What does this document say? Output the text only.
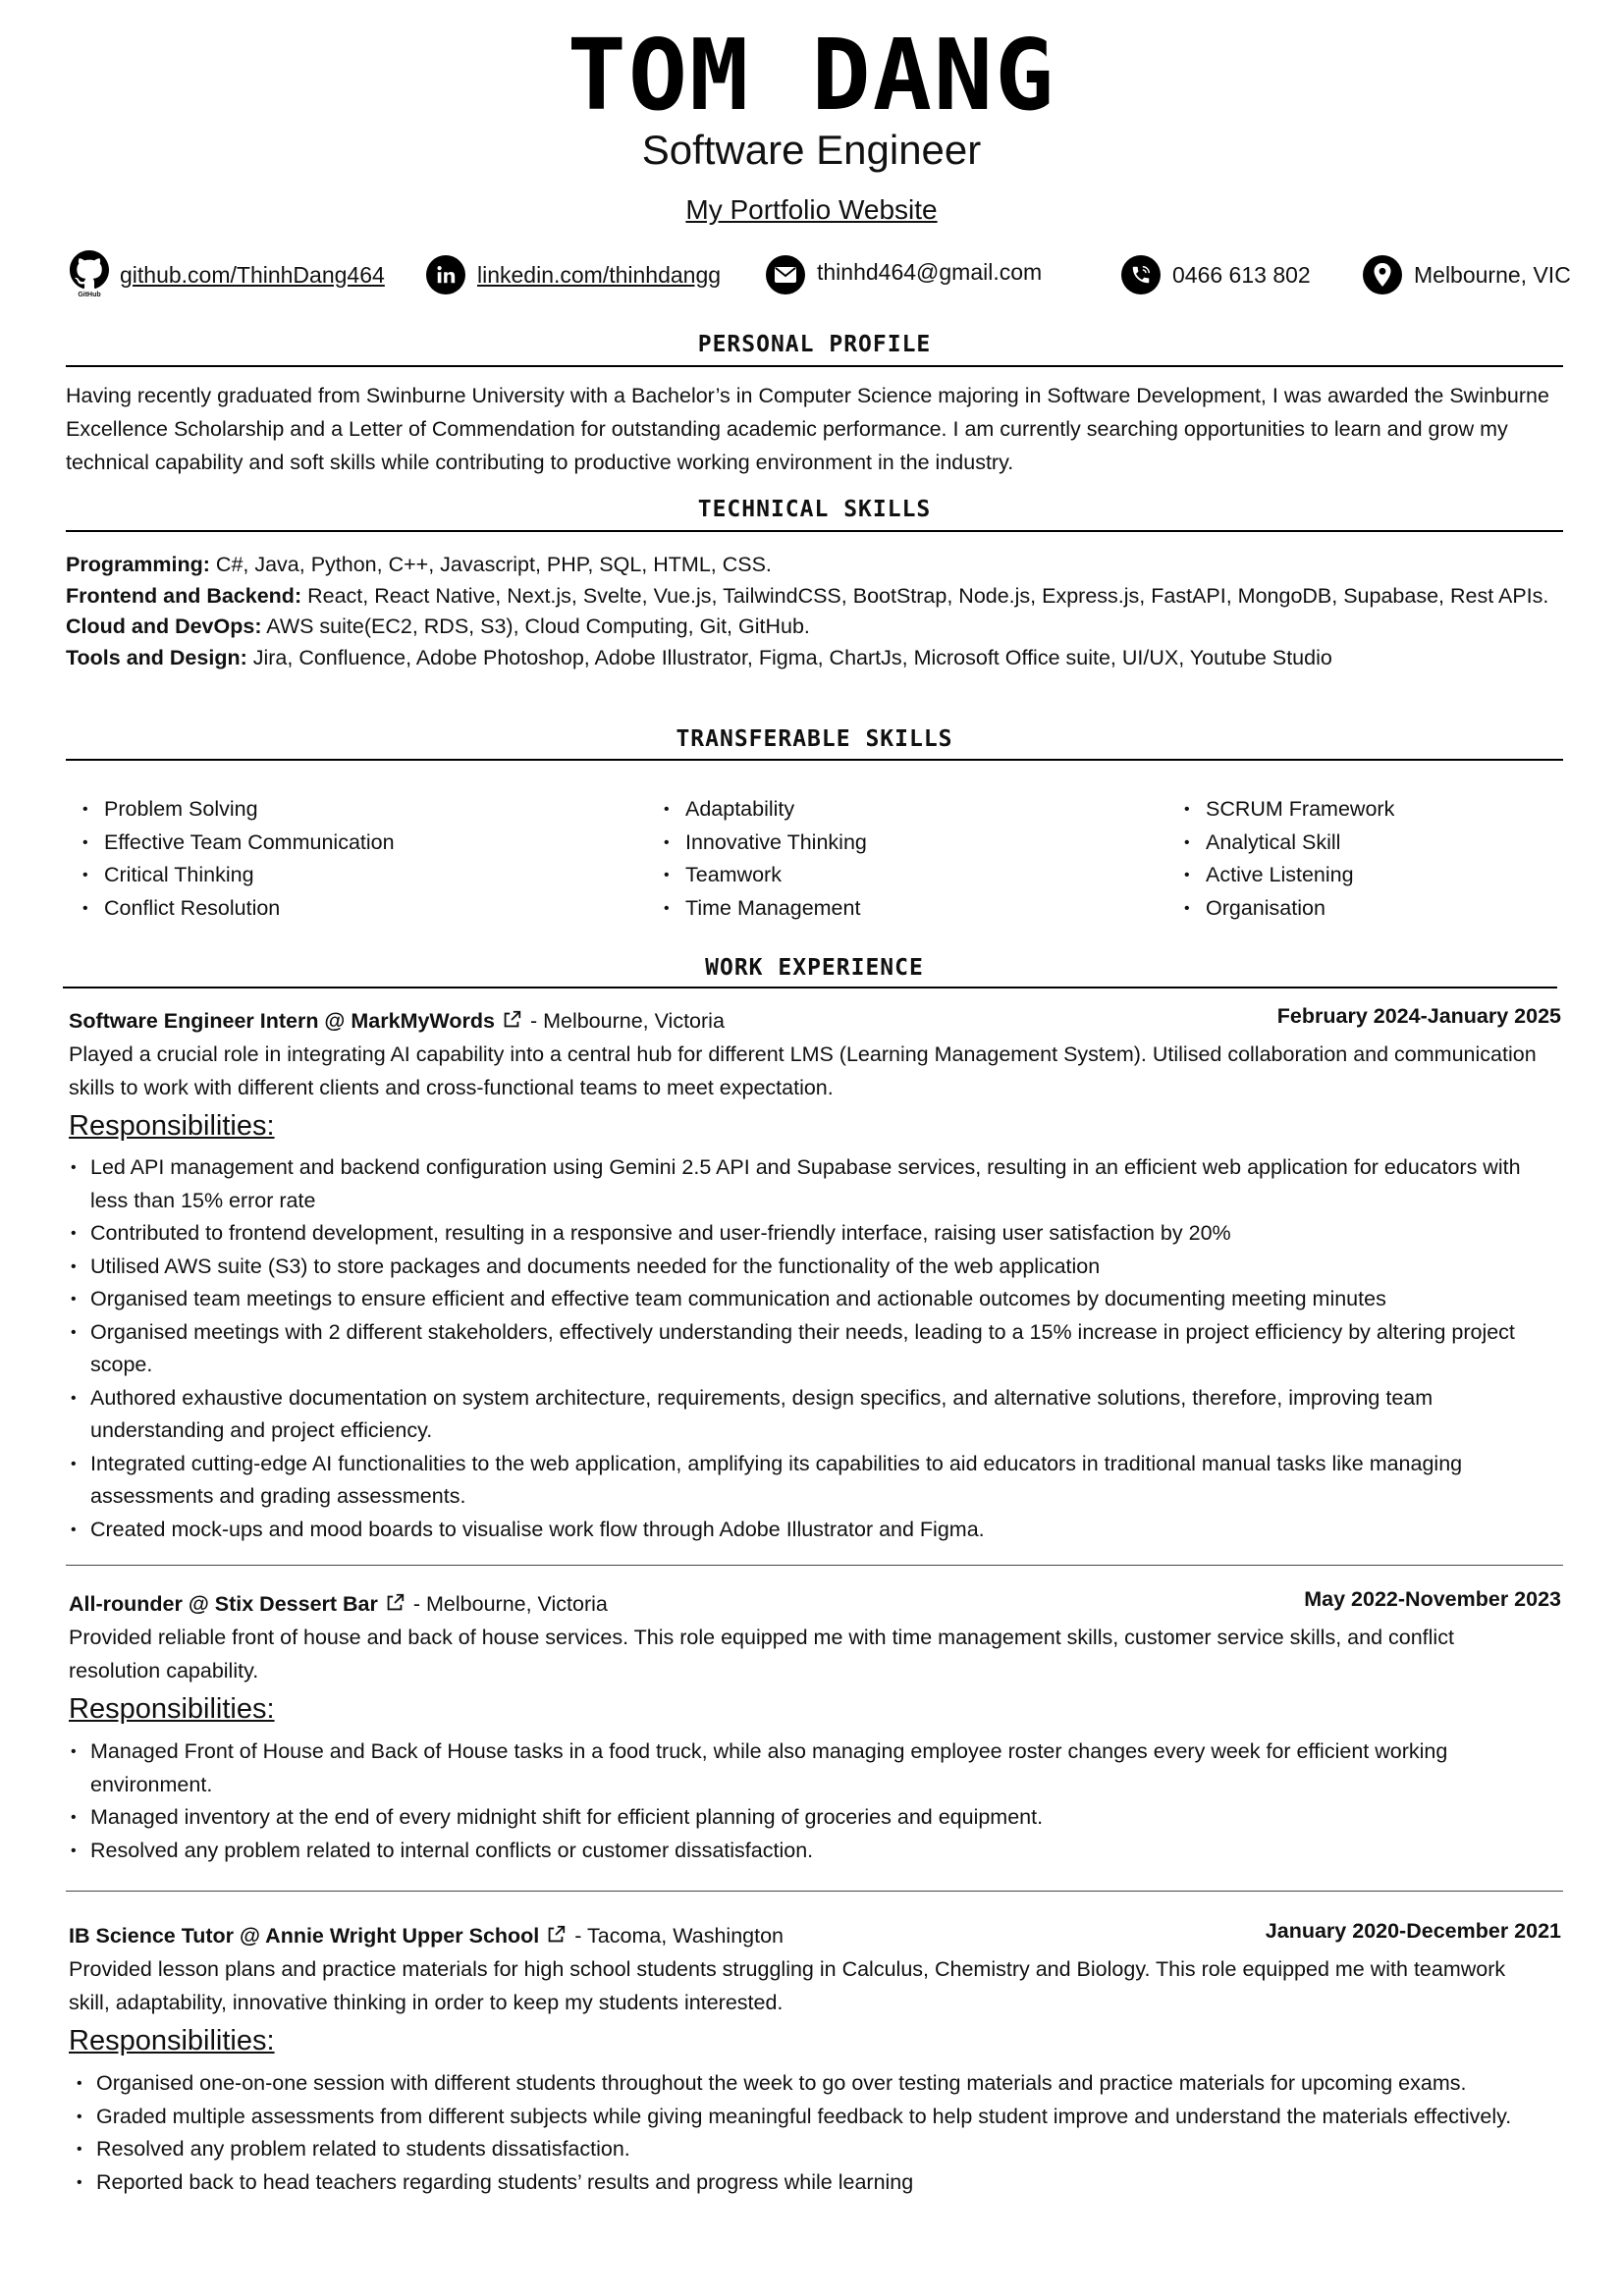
TOM DANG
Software Engineer
My Portfolio Website
GitHub
github.com/ThinhDang464	linkedin.com/thinhdangg	thinhd464@gmail.com	0466 613 802	Melbourne, VIC
PERSONAL PROFILE
Having recently graduated from Swinburne University with a Bachelor’s in Computer Science majoring in Software Development, I was awarded the Swinburne Excellence Scholarship and a Letter of Commendation for outstanding academic performance. I am currently searching opportunities to learn and grow my technical capability and soft skills while contributing to productive working environment in the industry.
TECHNICAL SKILLS
Programming: C#, Java, Python, C++, Javascript, PHP, SQL, HTML, CSS.
Frontend and Backend: React, React Native, Next.js, Svelte, Vue.js, TailwindCSS, BootStrap, Node.js, Express.js, FastAPI, MongoDB, Supabase, Rest APIs.
Cloud and DevOps: AWS suite(EC2, RDS, S3), Cloud Computing, Git, GitHub.
Tools and Design: Jira, Confluence, Adobe Photoshop, Adobe Illustrator, Figma, ChartJs, Microsoft Office suite, UI/UX, Youtube Studio
TRANSFERABLE SKILLS
• Problem Solving
• Effective Team Communication
• Critical Thinking
• Conflict Resolution
• Adaptability
• Innovative Thinking
• Teamwork
• Time Management
• SCRUM Framework
• Analytical Skill
• Active Listening
• Organisation
WORK EXPERIENCE
Software Engineer Intern @ MarkMyWords - Melbourne, Victoria	February 2024-January 2025
Played a crucial role in integrating AI capability into a central hub for different LMS (Learning Management System). Utilised collaboration and communication skills to work with different clients and cross-functional teams to meet expectation.
Responsibilities:
• Led API management and backend configuration using Gemini 2.5 API and Supabase services, resulting in an efficient web application for educators with less than 15% error rate
• Contributed to frontend development, resulting in a responsive and user-friendly interface, raising user satisfaction by 20%
• Utilised AWS suite (S3) to store packages and documents needed for the functionality of the web application
• Organised team meetings to ensure efficient and effective team communication and actionable outcomes by documenting meeting minutes
• Organised meetings with 2 different stakeholders, effectively understanding their needs, leading to a 15% increase in project efficiency by altering project scope.
• Authored exhaustive documentation on system architecture, requirements, design specifics, and alternative solutions, therefore, improving team understanding and project efficiency.
• Integrated cutting-edge AI functionalities to the web application, amplifying its capabilities to aid educators in traditional manual tasks like managing assessments and grading assessments.
• Created mock-ups and mood boards to visualise work flow through Adobe Illustrator and Figma.
All-rounder @ Stix Dessert Bar - Melbourne, Victoria	May 2022-November 2023
Provided reliable front of house and back of house services. This role equipped me with time management skills, customer service skills, and conflict resolution capability.
Responsibilities:
• Managed Front of House and Back of House tasks in a food truck, while also managing employee roster changes every week for efficient working environment.
• Managed inventory at the end of every midnight shift for efficient planning of groceries and equipment.
• Resolved any problem related to internal conflicts or customer dissatisfaction.
IB Science Tutor @ Annie Wright Upper School - Tacoma, Washington	January 2020-December 2021
Provided lesson plans and practice materials for high school students struggling in Calculus, Chemistry and Biology. This role equipped me with teamwork skill, adaptability, innovative thinking in order to keep my students interested.
Responsibilities:
• Organised one-on-one session with different students throughout the week to go over testing materials and practice materials for upcoming exams.
• Graded multiple assessments from different subjects while giving meaningful feedback to help student improve and understand the materials effectively.
• Resolved any problem related to students dissatisfaction.
• Reported back to head teachers regarding students’ results and progress while learning
